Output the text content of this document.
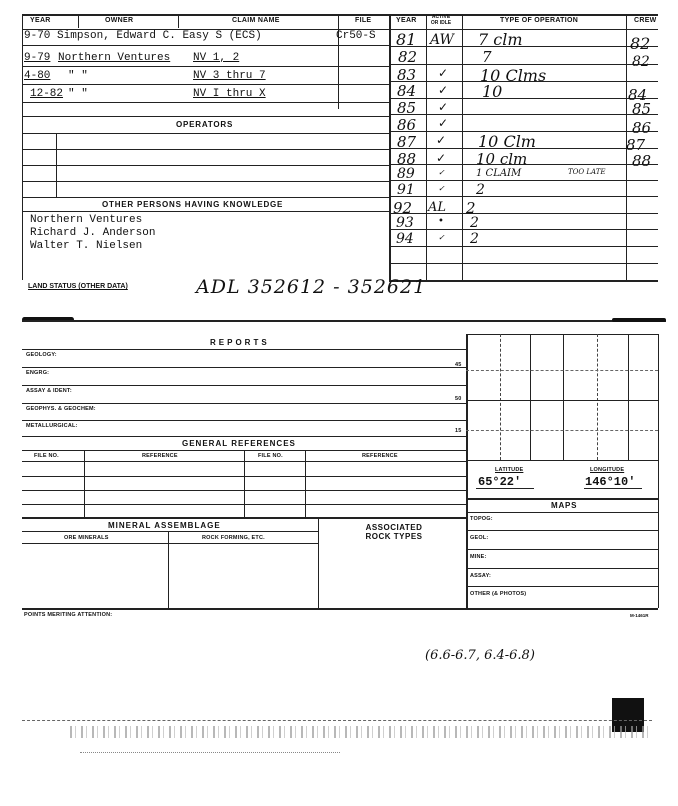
YEAR	OWNER	CLAIM NAME	FILE	YEAR	ACTIVE OR IDLE	TYPE OF OPERATION	CREW
9-70 Simpson, Edward C. Easy S (ECS)	Cr50-S
9-79 Northern Ventures NV 1, 2
4-80 " "	NV 3 thru 7
12-82 " "	NV I thru X
OPERATORS
OTHER PERSONS HAVING KNOWLEDGE
Northern Ventures
Richard J. Anderson
Walter T. Nielsen
81 AW 7 clm	82
82	7	82
83 ✓ 10 Clms
84 ✓ 10	84
85 ✓	85
86 ✓	86
87 ✓ 10 Clm	87
88 ✓ 10 clm	88
89	✓	1 CLAIM	TOO LATE
91	✓ 2
92 AL 2
93 • 2
94	✓ 2
LAND STATUS (OTHER DATA)	ADL 352612 - 352621
REPORTS
GEOLOGY:
ENGRG:
45
ASSAY & IDENT:
50
GEOPHYS. & GEOCHEM:
METALLURGICAL:
15
GENERAL REFERENCES
FILE NO.	REFERENCE	FILE NO.	REFERENCE
LATITUDE
65°22'
LONGITUDE
146°10'
MAPS
TOPOG:
GEOL:
MINE:
ASSAY:
OTHER (& PHOTOS)
MINERAL ASSEMBLAGE	ASSOCIATED ROCK TYPES
ORE MINERALS	ROCK FORMING, ETC.
POINTS MERITING ATTENTION:	M-1461R
(6.6-6.7, 6.4-6.8)
